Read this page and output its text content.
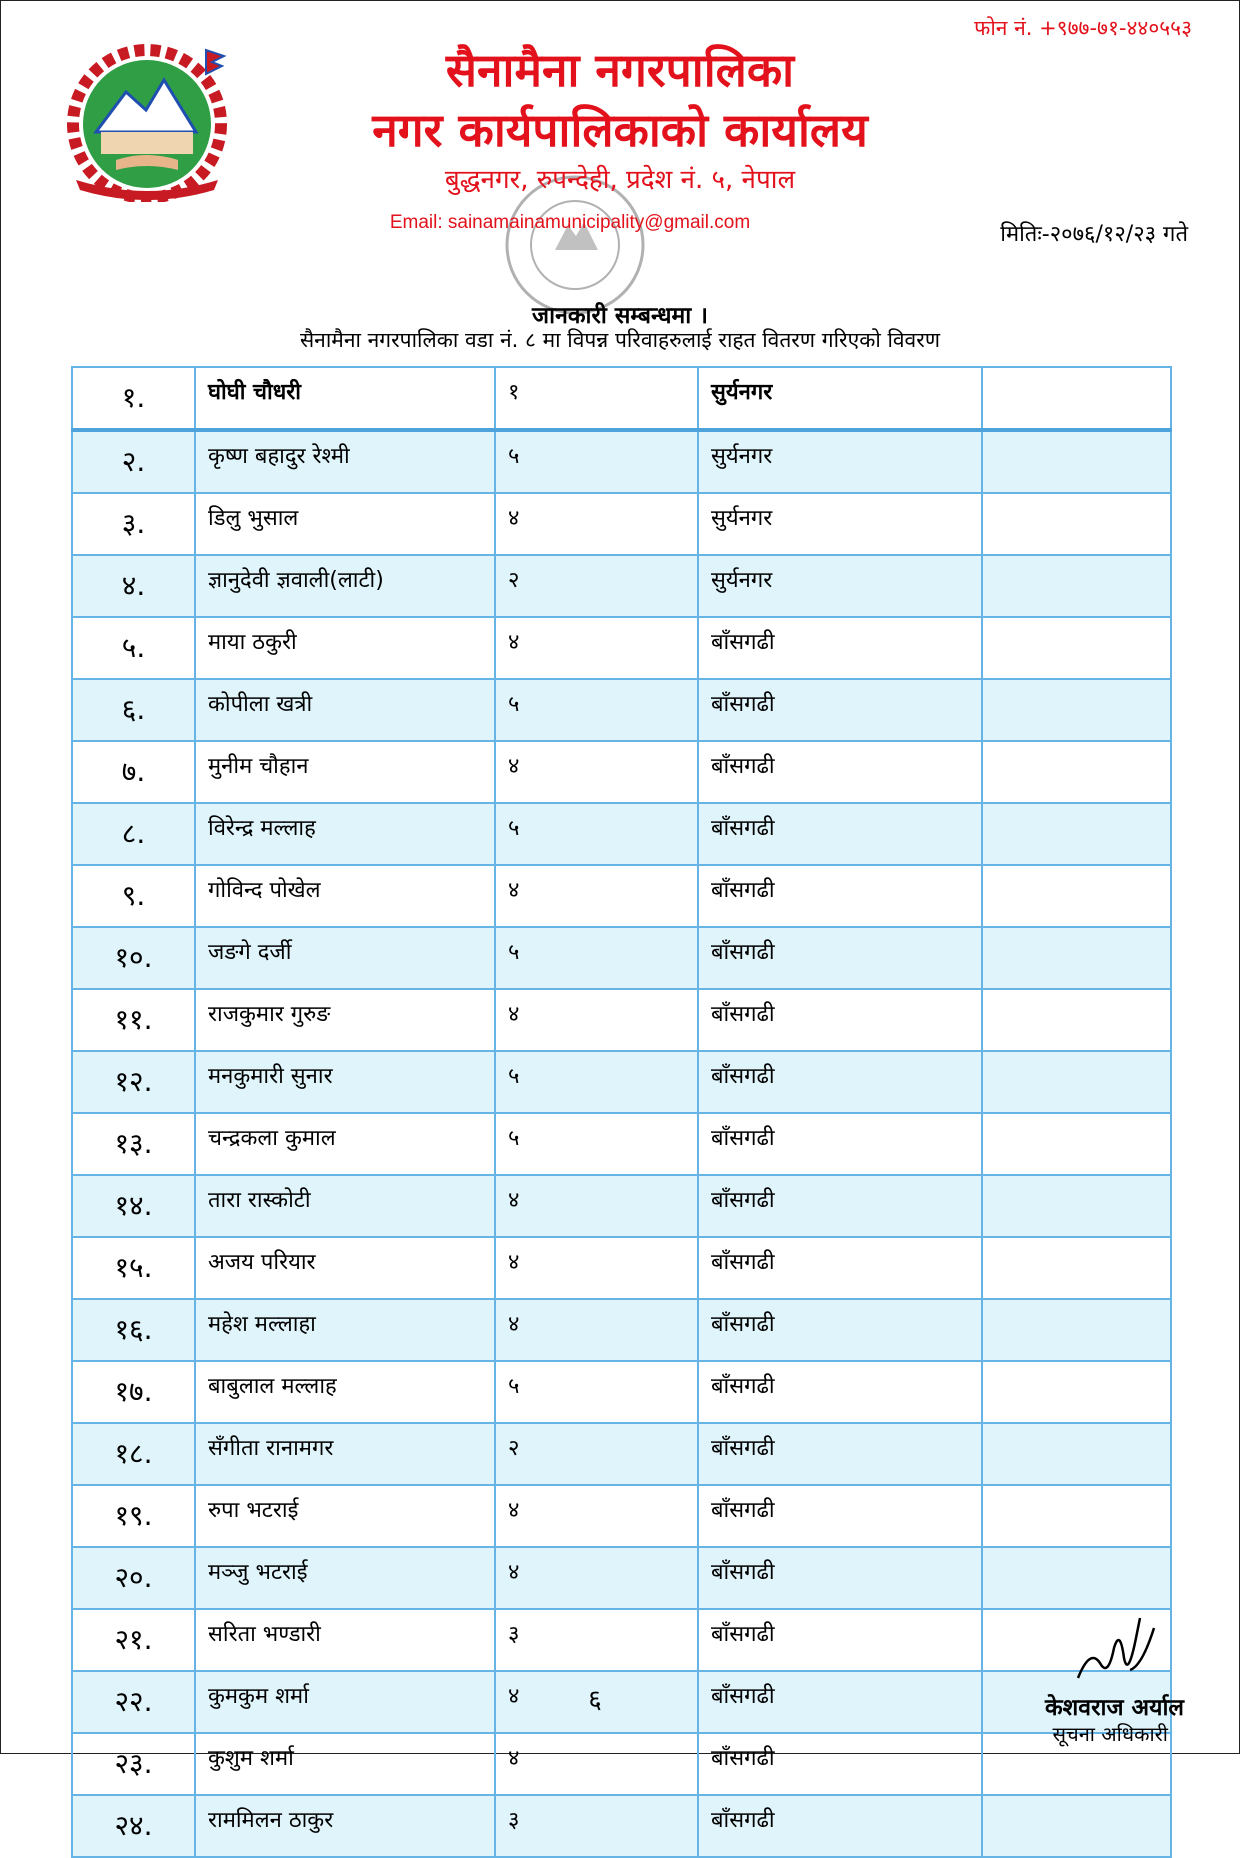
फोन नं. +९७७-७१-४४०५५३
सैनामैना नगरपालिका
नगर कार्यपालिकाको कार्यालय
बुद्धनगर, रुपन्देही, प्रदेश नं. ५, नेपाल
Email: sainamainamunicipality@gmail.com	मितिः-२०७६/१२/२३ गते
जानकारी सम्बन्धमा ।
सैनामैना नगरपालिका वडा नं. ८ मा विपन्न परिवाहरुलाई राहत वितरण गरिएको विवरण
१.	घोघी चौधरी	१	सुर्यनगर	
२.	कृष्ण बहादुर रेश्मी	५	सुर्यनगर	
३.	डिलु भुसाल	४	सुर्यनगर	
४.	ज्ञानुदेवी ज्ञवाली(लाटी)	२	सुर्यनगर	
५.	माया ठकुरी	४	बाँसगढी	
६.	कोपीला खत्री	५	बाँसगढी	
७.	मुनीम चौहान	४	बाँसगढी	
८.	विरेन्द्र मल्लाह	५	बाँसगढी	
९.	गोविन्द पोखेल	४	बाँसगढी	
१०.	जङगे दर्जी	५	बाँसगढी	
११.	राजकुमार गुरुङ	४	बाँसगढी	
१२.	मनकुमारी सुनार	५	बाँसगढी	
१३.	चन्द्रकला कुमाल	५	बाँसगढी	
१४.	तारा रास्कोटी	४	बाँसगढी	
१५.	अजय परियार	४	बाँसगढी	
१६.	महेश मल्लाहा	४	बाँसगढी	
१७.	बाबुलाल मल्लाह	५	बाँसगढी	
१८.	सँगीता रानामगर	२	बाँसगढी	
१९.	रुपा भटराई	४	बाँसगढी	
२०.	मञ्जु भटराई	४	बाँसगढी	
२१.	सरिता भण्डारी	३	बाँसगढी	
२२.	कुमकुम शर्मा	४	बाँसगढी	
२३.	कुशुम शर्मा	४	बाँसगढी	
२४.	राममिलन ठाकुर	३	बाँसगढी	
६	केशवराज अर्याल
सूचना अधिकारी
